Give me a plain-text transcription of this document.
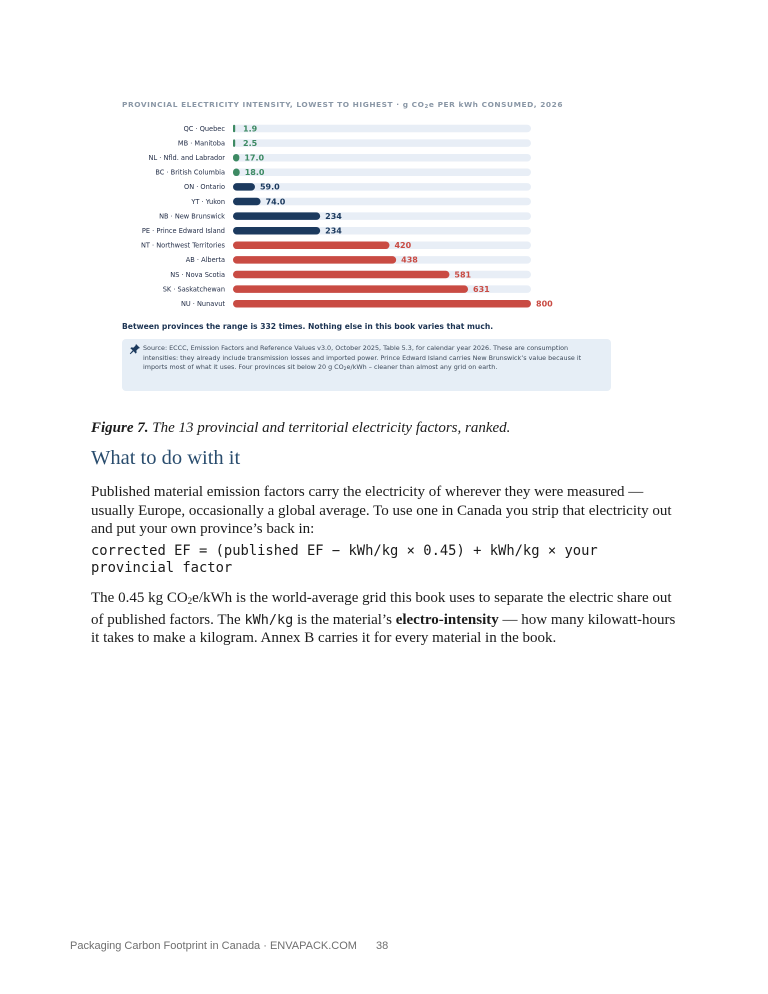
PROVINCIAL ELECTRICITY INTENSITY, LOWEST TO HIGHEST · g $CO_2e$ PER kWh CONSUMED, 2026
QC · Quebec 1.9
MB · Manitoba 2.5
NL · Nfld. and Labrador 17.0
BC · British Columbia 18.0
ON · Ontario	59.0
YT · Yukon	74.0
NB · New Brunswick	234
PE · Prince Edward Island	234
NT · Northwest Territories	420
AB · Alberta	438
NS · Nova Scotia	581
SK · Saskatchewan	631
NU · Nunavut	800
Between provinces the range is 332 times. Nothing else in this book varies that much.
Source: ECCC, Emission Factors and Reference Values v3.0, October 2025, Table 5.3, for calendar year 2026. These are consumption intensities: they already include transmission losses and imported power. Prince Edward Island carries New Brunswick’s value because it imports most of what it uses. Four provinces sit below 20 g $CO_2e$/kWh – cleaner than almost any grid on earth.
Figure 7. The 13 provincial and territorial electricity factors, ranked.
What to do with it

Published material emission factors carry the electricity of wherever they were measured — usually Europe, occasionally a global average. To use one in Canada you strip that electricity out and put your own province’s back in:

corrected EF = (published EF − kWh/kg × 0.45) + kWh/kg × your provincial factor

The 0.45 kg $CO_2e$/kWh is the world-average grid this book uses to separate the electric share out of published factors. The kWh/kg is the material’s electro-intensity — how many kilowatt-hours it takes to make a kilogram. Annex B carries it for every material in the book.

Packaging Carbon Footprint in Canada · ENVAPACK.COM 38
